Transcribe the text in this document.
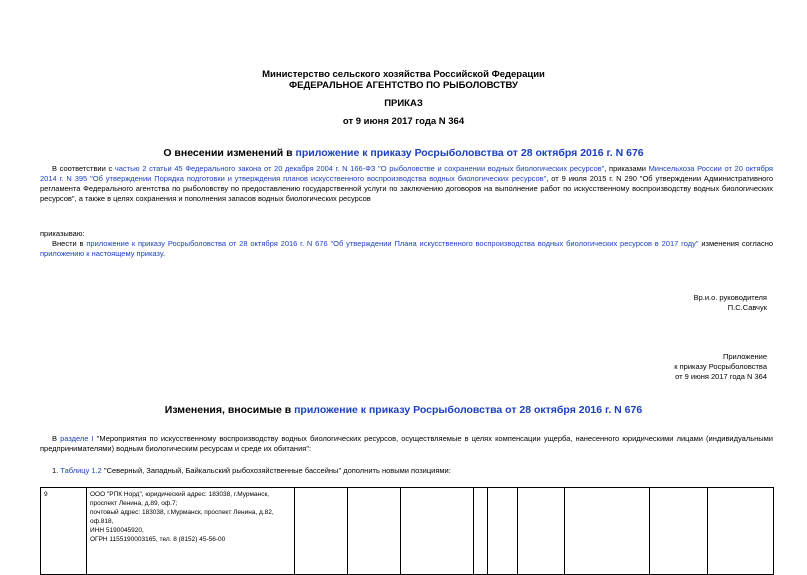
Министерство сельского хозяйства Российской Федерации
ФЕДЕРАЛЬНОЕ АГЕНТСТВО ПО РЫБОЛОВСТВУ
ПРИКАЗ
от 9 июня 2017 года N 364
О внесении изменений в приложение к приказу Росрыболовства от 28 октября 2016 г. N 676
В соответствии с частью 2 статьи 45 Федерального закона от 20 декабря 2004 г. N 166-ФЗ "О рыболовстве и сохранении водных биологических ресурсов", приказами Минсельхоза России от 20 октября 2014 г. N 395 "Об утверждении Порядка подготовки и утверждения планов искусственного воспроизводства водных биологических ресурсов", от 9 июля 2015 г. N 290 "Об утверждении Административного регламента Федерального агентства по рыболовству по предоставлению государственной услуги по заключению договоров на выполнение работ по искусственному воспроизводству водных биологических ресурсов", а также в целях сохранения и пополнения запасов водных биологических ресурсов
приказываю:
Внести в приложение к приказу Росрыболовства от 28 октября 2016 г. N 676 "Об утверждении Плана искусственного воспроизводства водных биологических ресурсов в 2017 году" изменения согласно приложению к настоящему приказу.
Вр.и.о. руководителя
П.С.Савчук
Приложение
к приказу Росрыболовства
от 9 июня 2017 года N 364
Изменения, вносимые в приложение к приказу Росрыболовства от 28 октября 2016 г. N 676
В разделе I "Мероприятия по искусственному воспроизводству водных биологических ресурсов, осуществляемые в целях компенсации ущерба, нанесенного юридическими лицами (индивидуальными предпринимателями) водным биологическим ресурсам и среде их обитания":
1. Таблицу 1.2 "Северный, Западный, Байкальский рыбохозяйственные бассейны" дополнить новыми позициями:
9	ООО "РПК Норд", юридический адрес: 183038, г.Мурманск, проспект Ленина, д.89, оф.7;
почтовый адрес: 183038, г.Мурманск, проспект Ленина, д.82, оф.818,
ИНН 5190045920,
ОГРН 1155190003165, тел. 8 (8152) 45-56-00
